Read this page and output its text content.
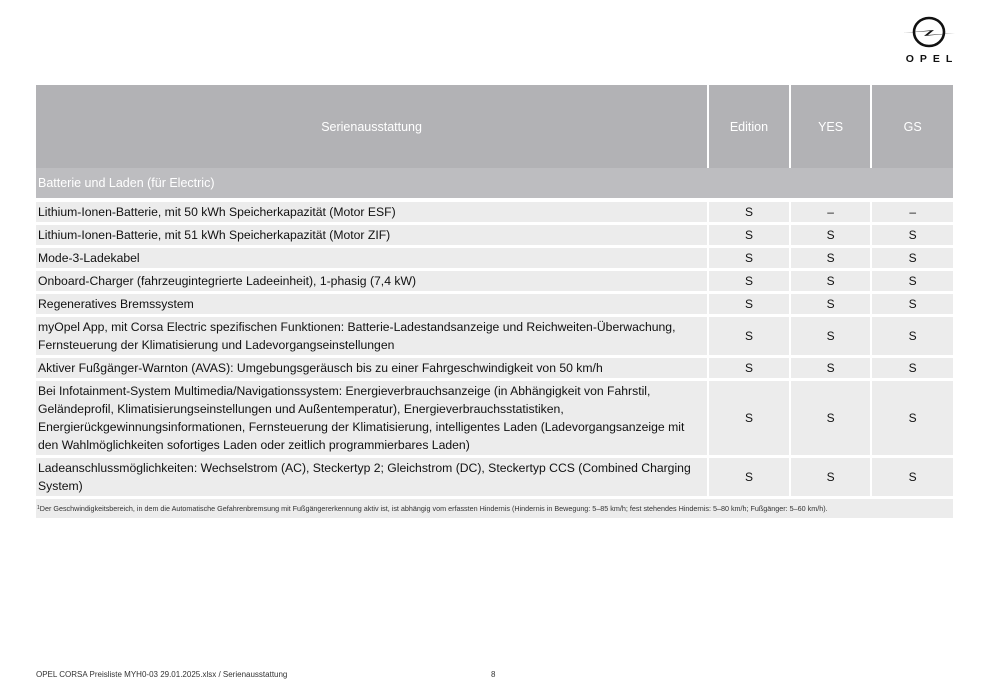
OPEL
Serienausstattung	Edition	YES	GS
Batterie und Laden (für Electric)			

Lithium-Ionen-Batterie, mit 50 kWh Speicherkapazität (Motor ESF)	S	–	–
Lithium-Ionen-Batterie, mit 51 kWh Speicherkapazität (Motor ZIF)	S	S	S
Mode-3-Ladekabel	S	S	S
Onboard-Charger (fahrzeugintegrierte Ladeeinheit), 1-phasig (7,4 kW)	S	S	S
Regeneratives Bremssystem	S	S	S
myOpel App, mit Corsa Electric spezifischen Funktionen: Batterie-Ladestandsanzeige und Reichweiten-Überwachung, Fernsteuerung der Klimatisierung und Ladevorgangseinstellungen	S	S	S
Aktiver Fußgänger-Warnton (AVAS): Umgebungsgeräusch bis zu einer Fahrgeschwindigkeit von 50 km/h	S	S	S
Bei Infotainment-System Multimedia/Navigationssystem: Energieverbrauchsanzeige (in Abhängigkeit von Fahrstil, Geländeprofil, Klimatisierungseinstellungen und Außentemperatur), Energieverbrauchsstatistiken, Energierückgewinnungsinformationen, Fernsteuerung der Klimatisierung, intelligentes Laden (Ladevorgangsanzeige mit den Wahlmöglichkeiten sofortiges Laden oder zeitlich programmierbares Laden)	S	S	S
Ladeanschlussmöglichkeiten: Wechselstrom (AC), Steckertyp 2; Gleichstrom (DC), Steckertyp CCS (Combined Charging System)	S	S	S
$^1$Der Geschwindigkeitsbereich, in dem die Automatische Gefahrenbremsung mit Fußgängererkennung aktiv ist, ist abhängig vom erfassten Hindernis (Hindernis in Bewegung: 5–85 km/h; fest stehendes Hindernis: 5–80 km/h; Fußgänger: 5–60 km/h).			
OPEL CORSA Preisliste MYH0-03 29.01.2025.xlsx / Serienausstattung	8
